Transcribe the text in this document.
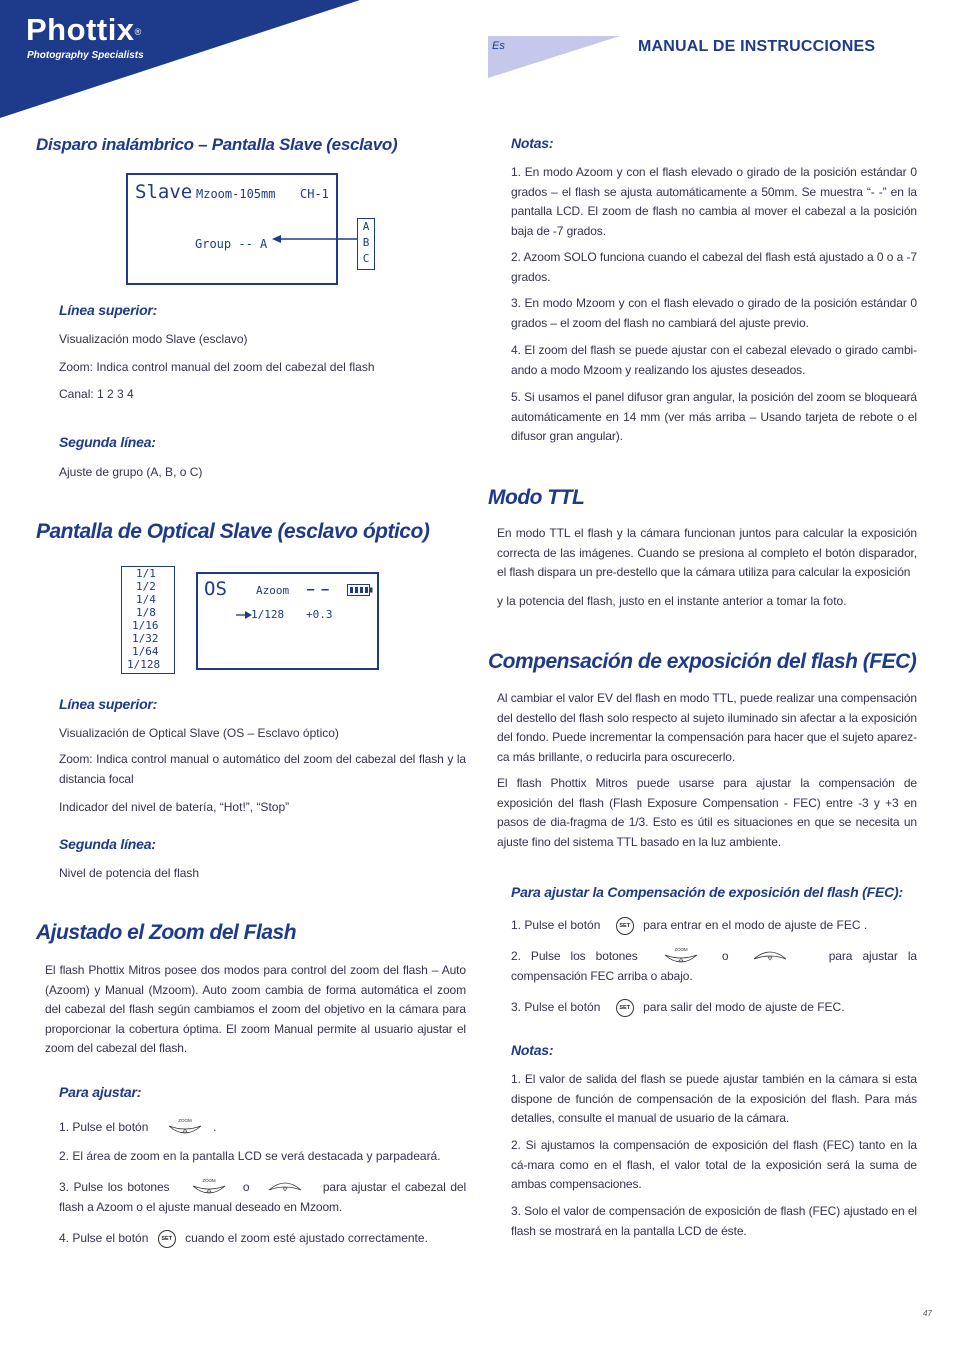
Phottix®
Photography Specialists
Es	MANUAL DE INSTRUCCIONES
Disparo inalámbrico – Pantalla Slave (esclavo)
Slave Mzoom-105mm CH-1
Group -- A
A
B
C
Línea superior:
Visualización modo Slave (esclavo)
Zoom: Indica control manual del zoom del cabezal del flash
Canal: 1 2 3 4
Segunda línea:
Ajuste de grupo (A, B, o C)
Pantalla de Optical Slave (esclavo óptico)
1/1
1/2
1/4
1/8
1/16
1/32
1/64
1/128
OS	Azoom – –
1/128 +0.3
Línea superior:
Visualización de Optical Slave (OS – Esclavo óptico)
Zoom: Indica control manual o automático del zoom del cabezal del flash y la distancia focal
Indicador del nivel de batería, “Hot!”, “Stop”
Segunda línea:
Nivel de potencia del flash
Ajustado el Zoom del Flash
El flash Phottix Mitros posee dos modos para control del zoom del flash – Auto (Azoom) y Manual (Mzoom). Auto zoom cambia de forma automática el zoom del cabezal del flash según cambiamos el zoom del objetivo en la cámara para proporcionar la cobertura óptima. El zoom Manual permite al usuario ajustar el zoom del cabezal del flash.
Para ajustar:
1. Pulse el botón	ZOOM .
2. El área de zoom en la pantalla LCD se verá destacada y parpadeará.
3. Pulse los botones	ZOOM o	para ajustar el cabezal del flash a Azoom o el ajuste manual deseado en Mzoom.
4. Pulse el botón SET cuando el zoom esté ajustado correctamente.
Notas:
1. En modo Azoom y con el flash elevado o girado de la posición estándar 0 grados – el flash se ajusta automáticamente a 50mm. Se muestra “- -” en la pantalla LCD. El zoom de flash no cambia al mover el cabezal a la posición baja de -7 grados.
2. Azoom SOLO funciona cuando el cabezal del flash está ajustado a 0 o a -7 grados.
3. En modo Mzoom y con el flash elevado o girado de la posición estándar 0 grados – el zoom del flash no cambiará del ajuste previo.
4. El zoom del flash se puede ajustar con el cabezal elevado o girado cambi-ando a modo Mzoom y realizando los ajustes deseados.
5. Si usamos el panel difusor gran angular, la posición del zoom se bloqueará automáticamente en 14 mm (ver más arriba – Usando tarjeta de rebote o el difusor gran angular).
Modo TTL
En modo TTL el flash y la cámara funcionan juntos para calcular la exposición correcta de las imágenes. Cuando se presiona al completo el botón disparador, el flash dispara un pre-destello que la cámara utiliza para calcular la exposición
y la potencia del flash, justo en el instante anterior a tomar la foto.
Compensación de exposición del flash (FEC)
Al cambiar el valor EV del flash en modo TTL, puede realizar una compensación del destello del flash solo respecto al sujeto iluminado sin afectar a la exposición del fondo. Puede incrementar la compensación para hacer que el sujeto aparez-ca más brillante, o reducirla para oscurecerlo.
El flash Phottix Mitros puede usarse para ajustar la compensación de exposición del flash (Flash Exposure Compensation - FEC) entre -3 y +3 en pasos de dia-fragma de 1/3. Esto es útil es situaciones en que se necesita un ajuste fino del sistema TTL basado en la luz ambiente.
Para ajustar la Compensación de exposición del flash (FEC):
1. Pulse el botón	SET para entrar en el modo de ajuste de FEC .
2. Pulse los botones	ZOOM	o	para ajustar la compensación FEC arriba o abajo.
3. Pulse el botón	SET para salir del modo de ajuste de FEC.
Notas:
1. El valor de salida del flash se puede ajustar también en la cámara si esta dispone de función de compensación de la exposición del flash. Para más detalles, consulte el manual de usuario de la cámara.
2. Si ajustamos la compensación de exposición del flash (FEC) tanto en la cá-mara como en el flash, el valor total de la exposición será la suma de ambas compensaciones.
3. Solo el valor de compensación de exposición de flash (FEC) ajustado en el flash se mostrará en la pantalla LCD de éste.
47
